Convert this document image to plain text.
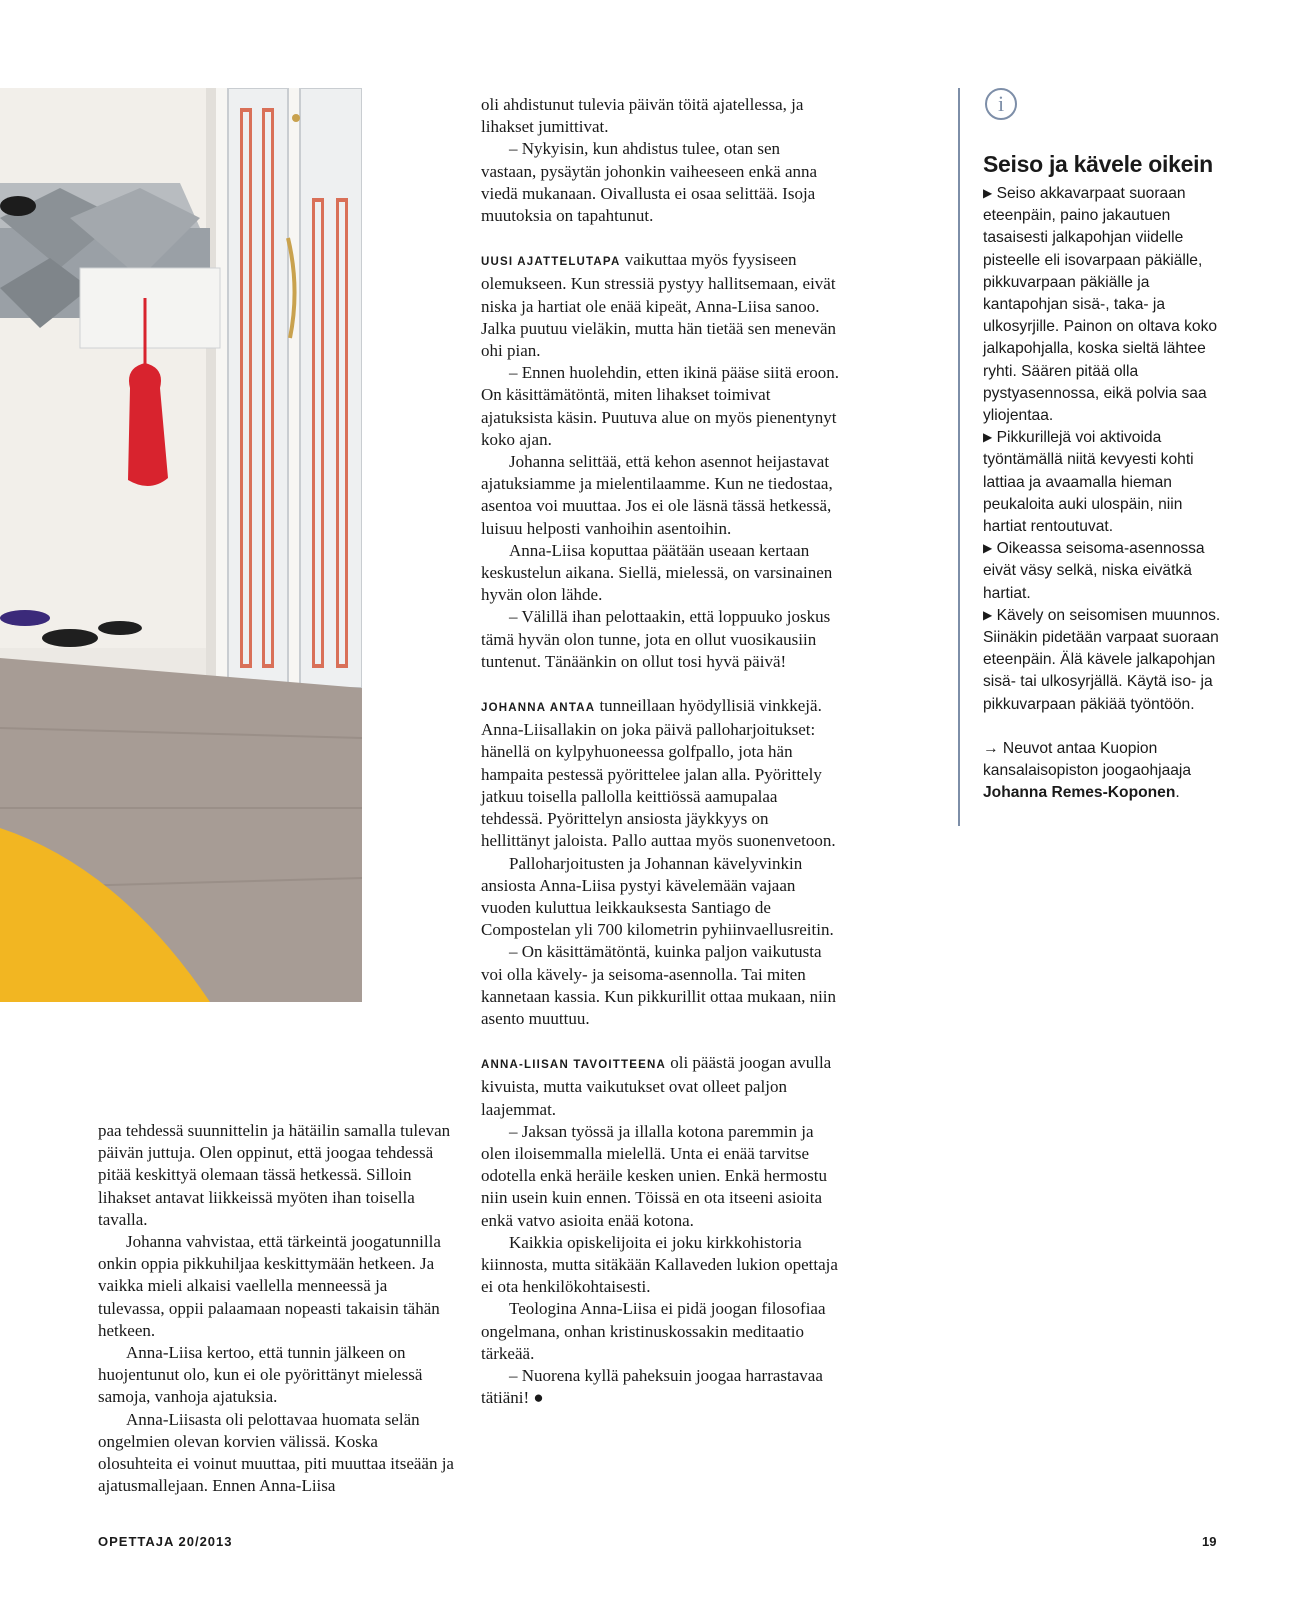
paa tehdessä suunnittelin ja hätäilin samalla tulevan päivän juttuja. Olen oppinut, että joogaa tehdessä pitää keskittyä olemaan tässä hetkessä. Silloin lihakset antavat liikkeissä myöten ihan toisella tavalla.

Johanna vahvistaa, että tärkeintä joogatunnilla onkin oppia pikkuhiljaa keskittymään hetkeen. Ja vaikka mieli alkaisi vaellella menneessä ja tulevassa, oppii palaamaan nopeasti takaisin tähän hetkeen.

Anna-Liisa kertoo, että tunnin jälkeen on huojentunut olo, kun ei ole pyörittänyt mielessä samoja, vanhoja ajatuksia.

Anna-Liisasta oli pelottavaa huomata selän ongelmien olevan korvien välissä. Koska olosuhteita ei voinut muuttaa, piti muuttaa itseään ja ajatusmallejaan. Ennen Anna-Liisa

oli ahdistunut tulevia päivän töitä ajatellessa, ja lihakset jumittivat.

– Nykyisin, kun ahdistus tulee, otan sen vastaan, pysäytän johonkin vaiheeseen enkä anna viedä mukanaan. Oivallusta ei osaa selittää. Isoja muutoksia on tapahtunut.

UUSI AJATTELUTAPA vaikuttaa myös fyysiseen olemukseen. Kun stressiä pystyy hallitsemaan, eivät niska ja hartiat ole enää kipeät, Anna-Liisa sanoo. Jalka puutuu vieläkin, mutta hän tietää sen menevän ohi pian.

– Ennen huolehdin, etten ikinä pääse siitä eroon. On käsittämätöntä, miten lihakset toimivat ajatuksista käsin. Puutuva alue on myös pienentynyt koko ajan.

Johanna selittää, että kehon asennot heijastavat ajatuksiamme ja mielentilaamme. Kun ne tiedostaa, asentoa voi muuttaa. Jos ei ole läsnä tässä hetkessä, luisuu helposti vanhoihin asentoihin.

Anna-Liisa koputtaa päätään useaan kertaan keskustelun aikana. Siellä, mielessä, on varsinainen hyvän olon lähde.

– Välillä ihan pelottaakin, että loppuuko joskus tämä hyvän olon tunne, jota en ollut vuosikausiin tuntenut. Tänäänkin on ollut tosi hyvä päivä!

JOHANNA ANTAA tunneillaan hyödyllisiä vinkkejä. Anna-Liisallakin on joka päivä palloharjoitukset: hänellä on kylpyhuoneessa golfpallo, jota hän hampaita pestessä pyörittelee jalan alla. Pyörittely jatkuu toisella pallolla keittiössä aamupalaa tehdessä. Pyörittelyn ansiosta jäykkyys on hellittänyt jaloista. Pallo auttaa myös suonenvetoon.

Palloharjoitusten ja Johannan kävelyvinkin ansiosta Anna-Liisa pystyi kävelemään vajaan vuoden kuluttua leikkauksesta Santiago de Compostelan yli 700 kilometrin pyhiinvaellusreitin.

– On käsittämätöntä, kuinka paljon vaikutusta voi olla kävely- ja seisoma-asennolla. Tai miten kannetaan kassia. Kun pikkurillit ottaa mukaan, niin asento muuttuu.

ANNA-LIISAN TAVOITTEENA oli päästä joogan avulla kivuista, mutta vaikutukset ovat olleet paljon laajemmat.

– Jaksan työssä ja illalla kotona paremmin ja olen iloisemmalla mielellä. Unta ei enää tarvitse odotella enkä heräile kesken unien. Enkä hermostu niin usein kuin ennen. Töissä en ota itseeni asioita enkä vatvo asioita enää kotona.

Kaikkia opiskelijoita ei joku kirkkohistoria kiinnosta, mutta sitäkään Kallaveden lukion opettaja ei ota henkilökohtaisesti.

Teologina Anna-Liisa ei pidä joogan filosofiaa ongelmana, onhan kristinuskossakin meditaatio tärkeää.

– Nuorena kyllä paheksuin joogaa harrastavaa tätiäni! ●

i
Seiso ja kävele oikein

▶ Seiso akkavarpaat suoraan eteenpäin, paino jakautuen tasaisesti jalkapohjan viidelle pisteelle eli isovarpaan päkiälle, pikkuvarpaan päkiälle ja kantapohjan sisä-, taka- ja ulkosyrjille. Painon on oltava koko jalkapohjalla, koska sieltä lähtee ryhti. Säären pitää olla pystyasennossa, eikä polvia saa yliojentaa.

▶ Pikkurillejä voi aktivoida työntämällä niitä kevyesti kohti lattiaa ja avaamalla hieman peukaloita auki ulospäin, niin hartiat rentoutuvat.

▶ Oikeassa seisoma-asennossa eivät väsy selkä, niska eivätkä hartiat.

▶ Kävely on seisomisen muunnos. Siinäkin pidetään varpaat suoraan eteenpäin. Älä kävele jalkapohjan sisä- tai ulkosyrjällä. Käytä iso- ja pikkuvarpaan päkiää työntöön.

→ Neuvot antaa Kuopion kansalaisopiston joogaohjaaja Johanna Remes-Koponen.

OPETTAJA 20/2013	19
